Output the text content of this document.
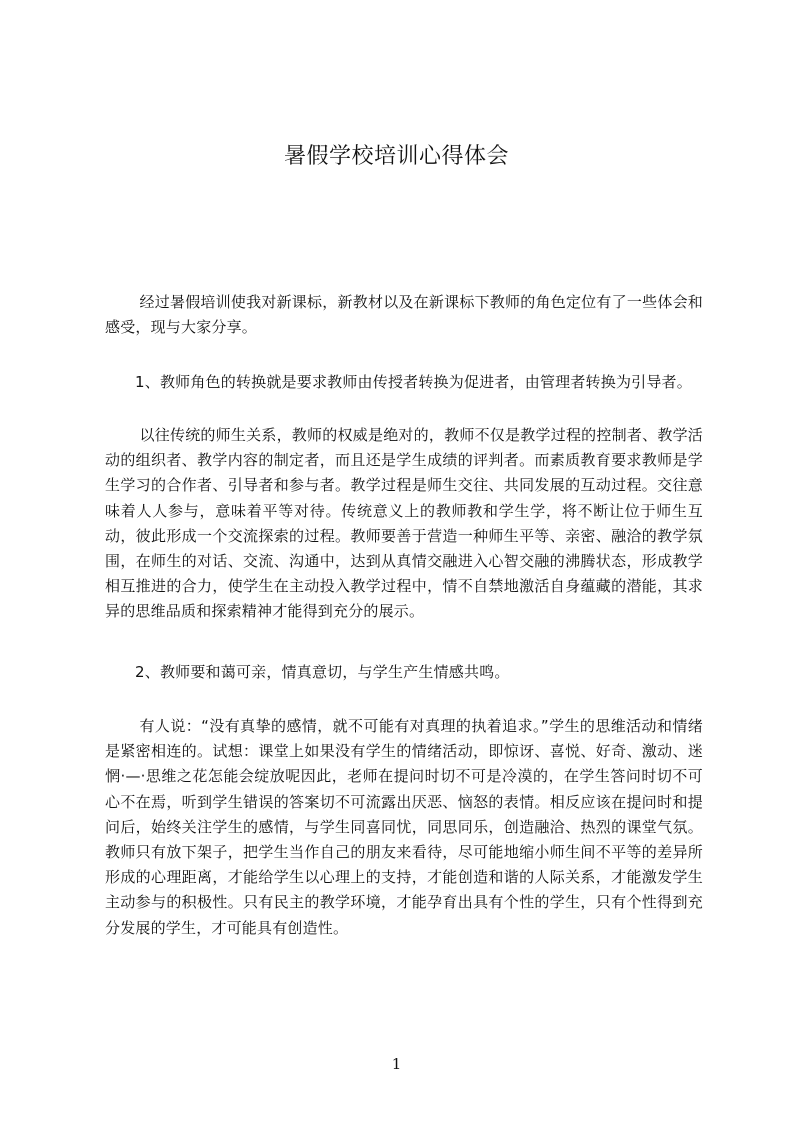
暑假学校培训心得体会
经过暑假培训使我对新课标，新教材以及在新课标下教师的角色定位有了一些体会和感受，现与大家分享。
1、教师角色的转换就是要求教师由传授者转换为促进者，由管理者转换为引导者。
以往传统的师生关系，教师的权威是绝对的，教师不仅是教学过程的控制者、教学活动的组织者、教学内容的制定者，而且还是学生成绩的评判者。而素质教育要求教师是学生学习的合作者、引导者和参与者。教学过程是师生交往、共同发展的互动过程。交往意味着人人参与，意味着平等对待。传统意义上的教师教和学生学，将不断让位于师生互动，彼此形成一个交流探索的过程。教师要善于营造一种师生平等、亲密、融洽的教学氛围，在师生的对话、交流、沟通中，达到从真情交融进入心智交融的沸腾状态，形成教学相互推进的合力，使学生在主动投入教学过程中，情不自禁地激活自身蕴藏的潜能，其求异的思维品质和探索精神才能得到充分的展示。
2、教师要和蔼可亲，情真意切，与学生产生情感共鸣。
有人说：“没有真挚的感情，就不可能有对真理的执着追求。”学生的思维活动和情绪是紧密相连的。试想：课堂上如果没有学生的情绪活动，即惊讶、喜悦、好奇、激动、迷惘·—·思维之花怎能会绽放呢因此，老师在提问时切不可是冷漠的，在学生答问时切不可心不在焉，听到学生错误的答案切不可流露出厌恶、恼怒的表情。相反应该在提问时和提问后，始终关注学生的感情，与学生同喜同忧，同思同乐，创造融洽、热烈的课堂气氛。教师只有放下架子，把学生当作自己的朋友来看待，尽可能地缩小师生间不平等的差异所形成的心理距离，才能给学生以心理上的支持，才能创造和谐的人际关系，才能激发学生主动参与的积极性。只有民主的教学环境，才能孕育出具有个性的学生，只有个性得到充分发展的学生，才可能具有创造性。
1
